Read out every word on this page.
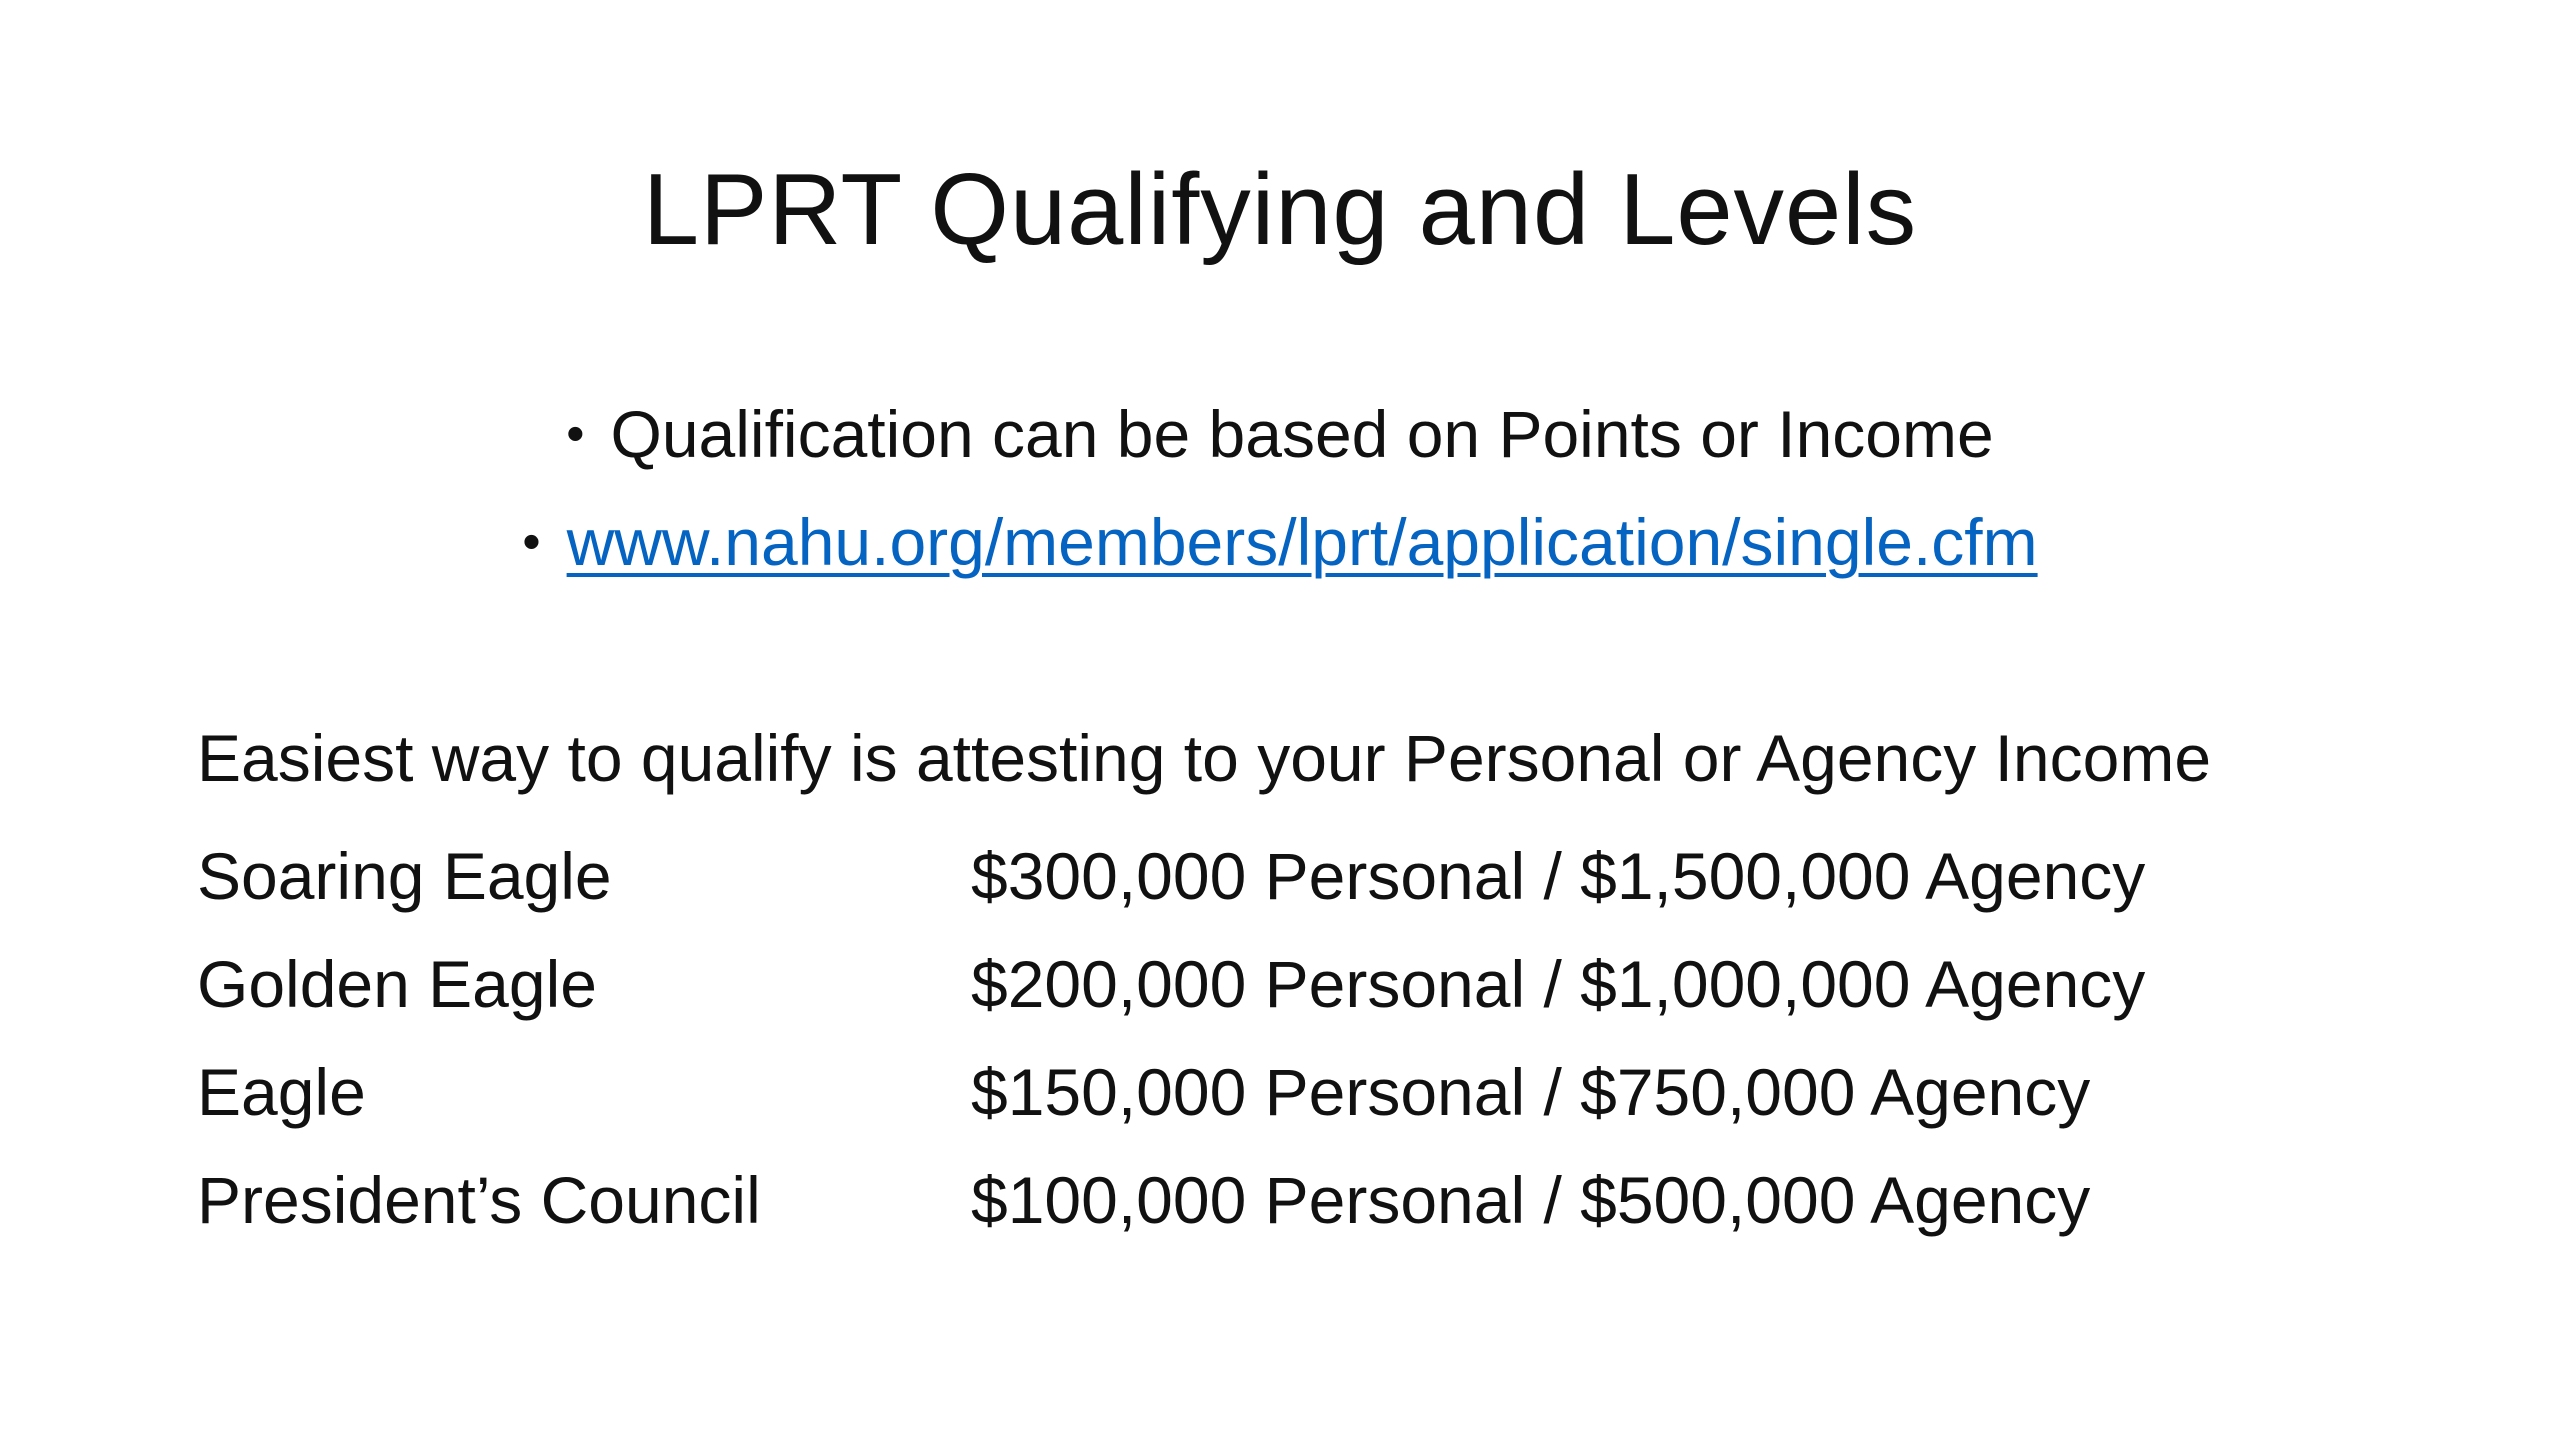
LPRT Qualifying and Levels
• Qualification can be based on Points or Income
• www.nahu.org/members/lprt/application/single.cfm
Easiest way to qualify is attesting to your Personal or Agency Income
Soaring Eagle	$300,000 Personal / $1,500,000 Agency
Golden Eagle	$200,000 Personal / $1,000,000 Agency
Eagle	$150,000 Personal / $750,000 Agency
President’s Council	$100,000 Personal / $500,000 Agency
